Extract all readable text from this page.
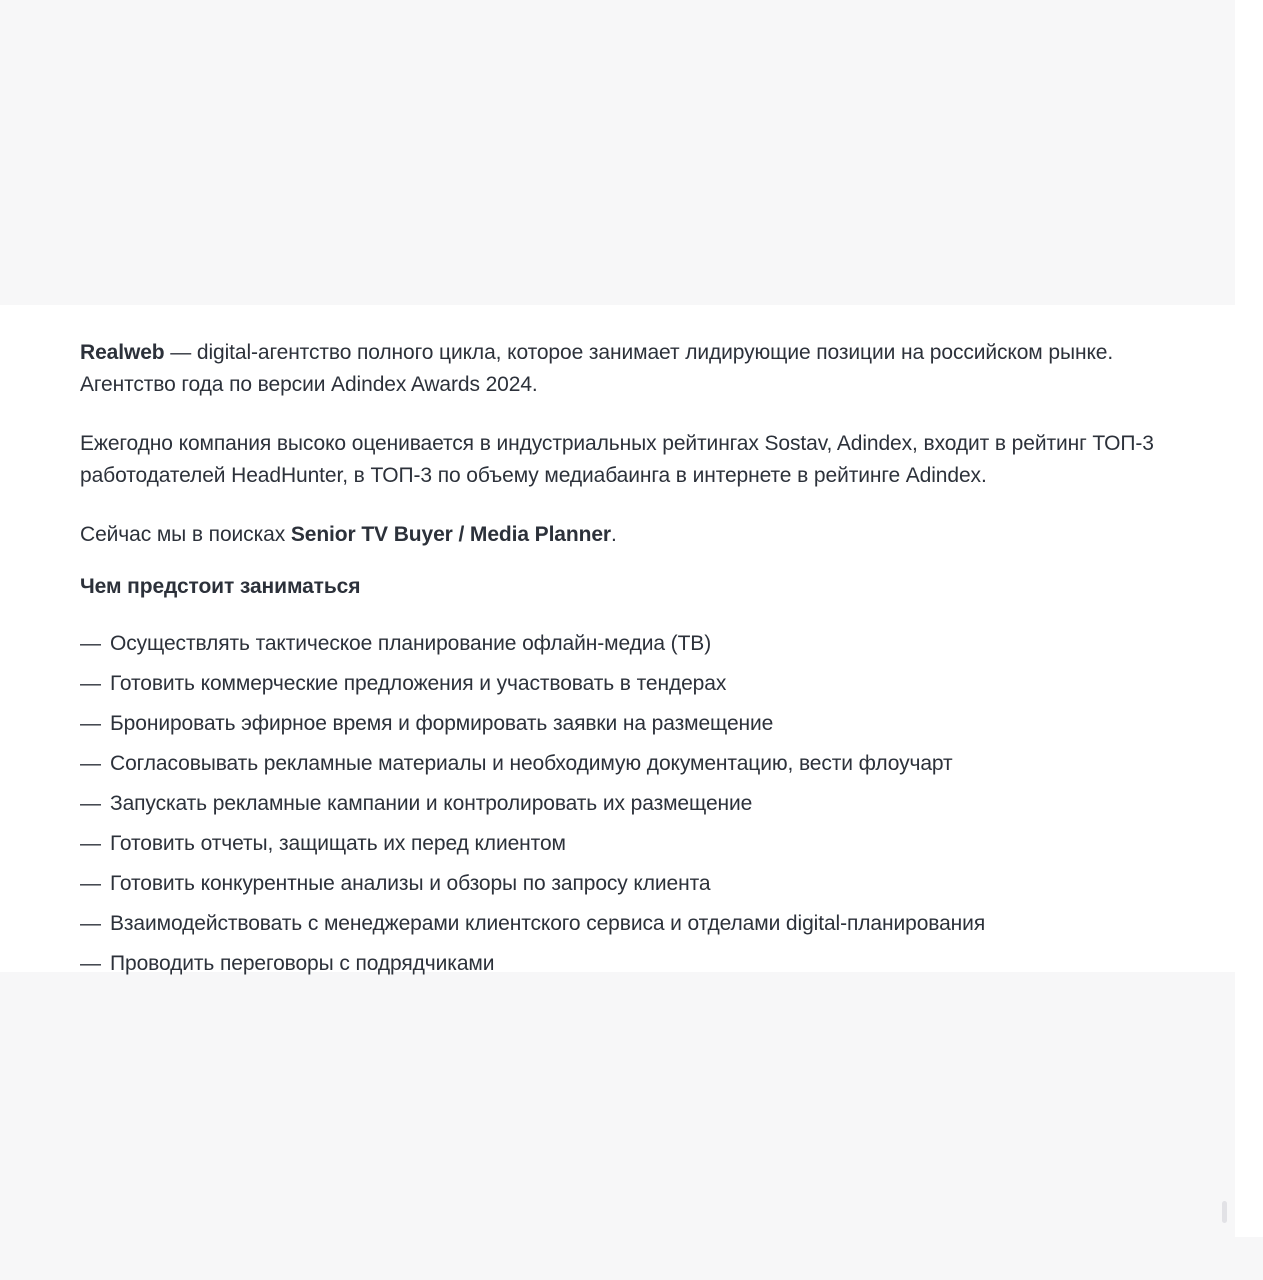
Realweb — digital-агентство полного цикла, которое занимает лидирующие позиции на российском рынке. Агентство года по версии Adindex Awards 2024.

Ежегодно компания высоко оценивается в индустриальных рейтингах Sostav, Adindex, входит в рейтинг ТОП-3 работодателей HeadHunter, в ТОП-3 по объему медиабаинга в интернете в рейтинге Adindex.

Сейчас мы в поисках Senior TV Buyer / Media Planner.

Чем предстоит заниматься
— Осуществлять тактическое планирование офлайн-медиа (ТВ)
— Готовить коммерческие предложения и участвовать в тендерах
— Бронировать эфирное время и формировать заявки на размещение
— Согласовывать рекламные материалы и необходимую документацию, вести флоучарт
— Запускать рекламные кампании и контролировать их размещение
— Готовить отчеты, защищать их перед клиентом
— Готовить конкурентные анализы и обзоры по запросу клиента
— Взаимодействовать с менеджерами клиентского сервиса и отделами digital-планирования
— Проводить переговоры с подрядчиками
